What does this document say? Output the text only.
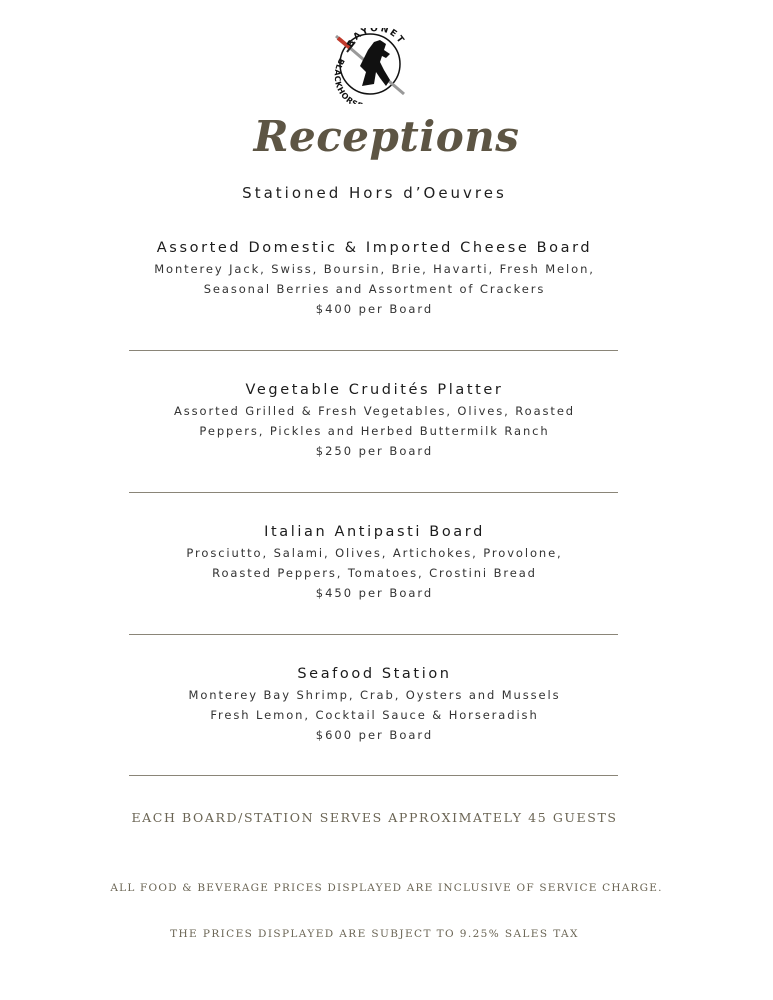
BAYONET
BLACKHORS
Receptions
Stationed Hors d’Oeuvres
Assorted Domestic & Imported Cheese Board
Monterey Jack, Swiss, Boursin, Brie, Havarti, Fresh Melon,
Seasonal Berries and Assortment of Crackers
$400 per Board
Vegetable Crudités Platter
Assorted Grilled & Fresh Vegetables, Olives, Roasted
Peppers, Pickles and Herbed Buttermilk Ranch
$250 per Board
Italian Antipasti Board
Prosciutto, Salami, Olives, Artichokes, Provolone,
Roasted Peppers, Tomatoes, Crostini Bread
$450 per Board
Seafood Station
Monterey Bay Shrimp, Crab, Oysters and Mussels
Fresh Lemon, Cocktail Sauce & Horseradish
$600 per Board
EACH BOARD/STATION SERVES APPROXIMATELY 45 GUESTS
ALL FOOD & BEVERAGE PRICES DISPLAYED ARE INCLUSIVE OF SERVICE CHARGE.
THE PRICES DISPLAYED ARE SUBJECT TO 9.25% SALES TAX
